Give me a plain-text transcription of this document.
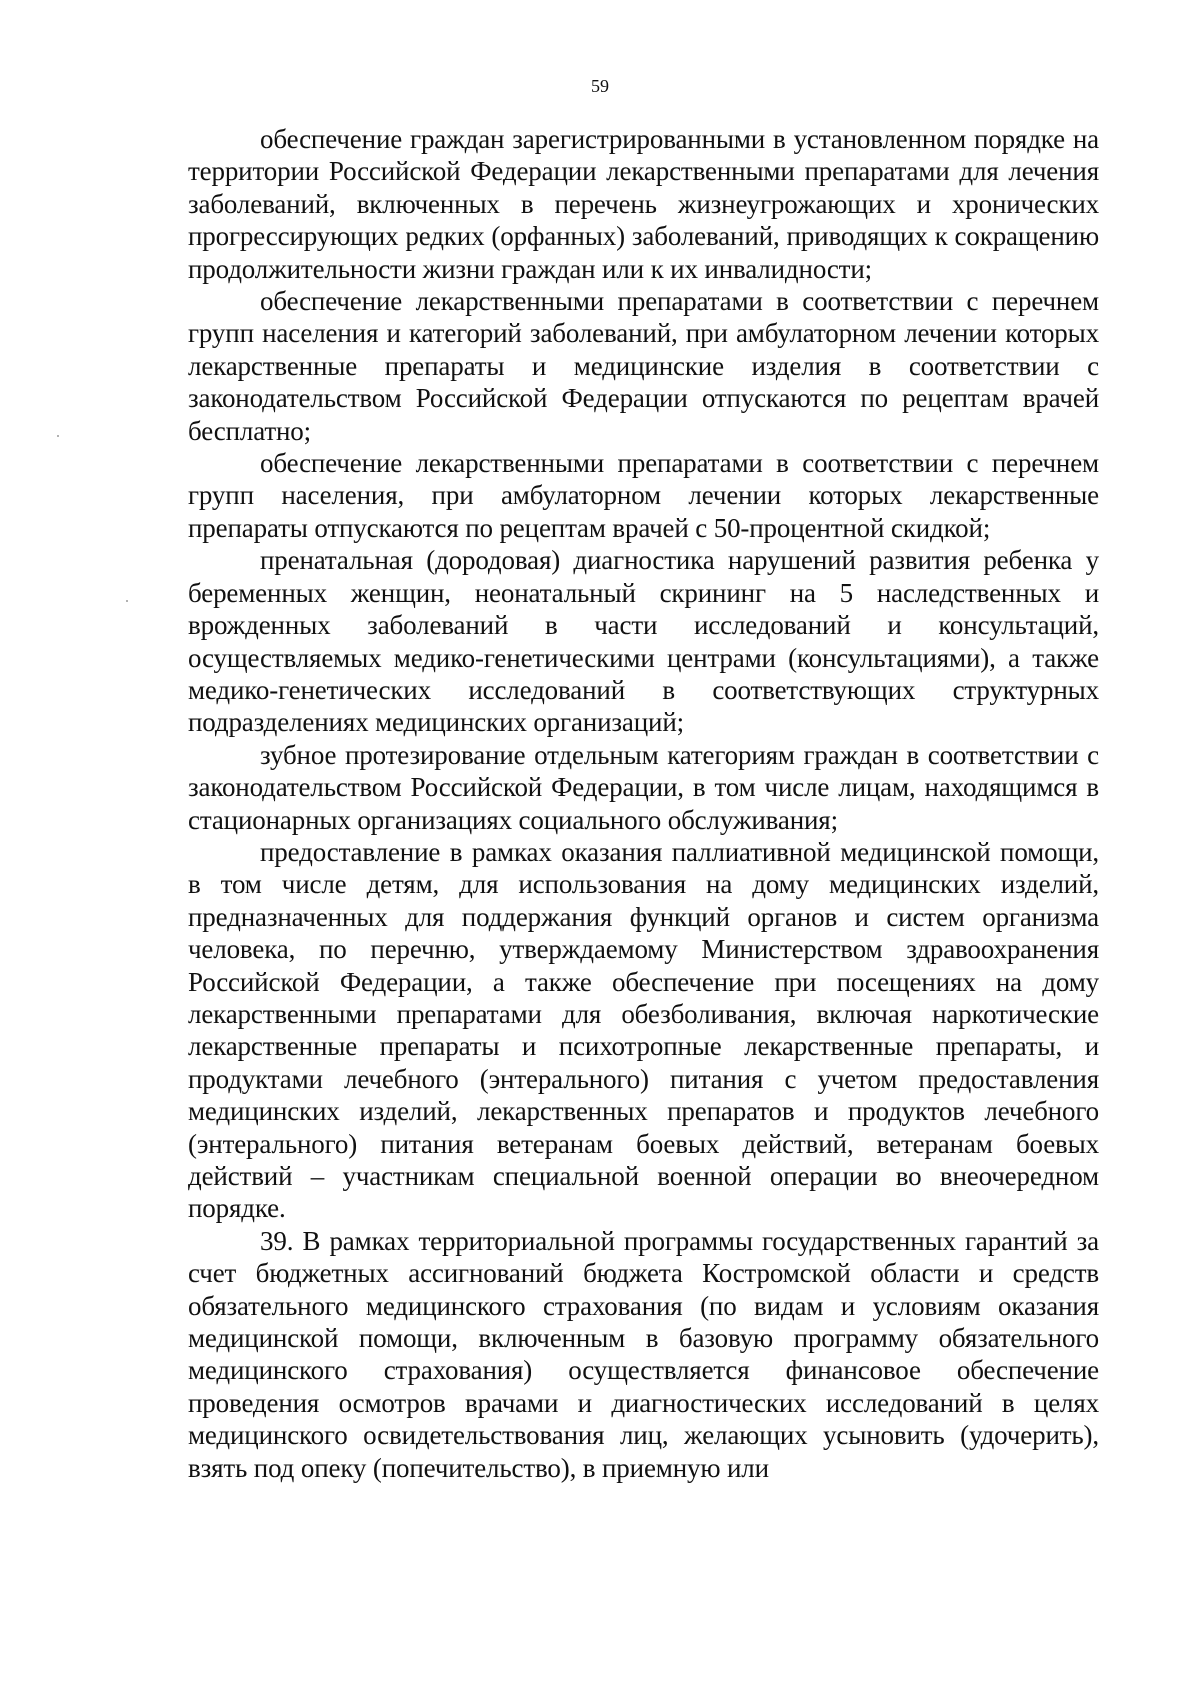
59

обеспечение граждан зарегистрированными в установленном порядке на территории Российской Федерации лекарственными препаратами для лечения заболеваний, включенных в перечень жизнеугрожающих и хронических прогрессирующих редких (орфанных) заболеваний, приводящих к сокращению продолжительности жизни граждан или к их инвалидности;

обеспечение лекарственными препаратами в соответствии с перечнем групп населения и категорий заболеваний, при амбулаторном лечении которых лекарственные препараты и медицинские изделия в соответствии с законодательством Российской Федерации отпускаются по рецептам врачей бесплатно;

обеспечение лекарственными препаратами в соответствии с перечнем групп населения, при амбулаторном лечении которых лекарственные препараты отпускаются по рецептам врачей с 50-процентной скидкой;

пренатальная (дородовая) диагностика нарушений развития ребенка у беременных женщин, неонатальный скрининг на 5 наследственных и врожденных заболеваний в части исследований и консультаций, осуществляемых медико-генетическими центрами (консультациями), а также медико-генетических исследований в соответствующих структурных подразделениях медицинских организаций;

зубное протезирование отдельным категориям граждан в соответствии с законодательством Российской Федерации, в том числе лицам, находящимся в стационарных организациях социального обслуживания;

предоставление в рамках оказания паллиативной медицинской помощи, в том числе детям, для использования на дому медицинских изделий, предназначенных для поддержания функций органов и систем организма человека, по перечню, утверждаемому Министерством здравоохранения Российской Федерации, а также обеспечение при посещениях на дому лекарственными препаратами для обезболивания, включая наркотические лекарственные препараты и психотропные лекарственные препараты, и продуктами лечебного (энтерального) питания с учетом предоставления медицинских изделий, лекарственных препаратов и продуктов лечебного (энтерального) питания ветеранам боевых действий, ветеранам боевых действий – участникам специальной военной операции во внеочередном порядке.

39. В рамках территориальной программы государственных гарантий за счет бюджетных ассигнований бюджета Костромской области и средств обязательного медицинского страхования (по видам и условиям оказания медицинской помощи, включенным в базовую программу обязательного медицинского страхования) осуществляется финансовое обеспечение проведения осмотров врачами и диагностических исследований в целях медицинского освидетельствования лиц, желающих усыновить (удочерить), взять под опеку (попечительство), в приемную или
